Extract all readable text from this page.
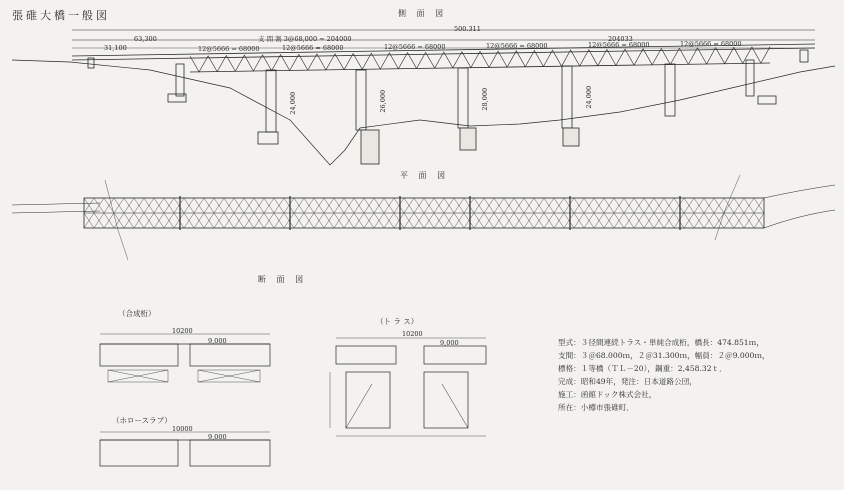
張碓大橋一般図	側 面 図
平 面 図
断 面 図
500.311
支 間 割 3@68,000 = 204000	204033
63,300
31,100	12@5666 = 68000	12@5666 = 68000	12@5666 = 68000	12@5666 = 68000	12@5666 = 68000	12@5666 = 68000
24,000	26,000	28,000	24,000
（合成桁）
（ト ラ ス）
（ホロースラブ）
10200
9,000
10200
9,000
10000
9,000
型式：３径間連続トラス・単純合成桁，橋長：474.851ｍ，
支間：３＠68.000ｍ，２＠31.300ｍ，幅員：２＠9.000ｍ，
標格：１等橋（ＴＬ－20），鋼重：2,458.32ｔ．
完成：昭和49年，発注：日本道路公団，
施工：函館ドック株式会社，
所在：小樽市張碓町．
